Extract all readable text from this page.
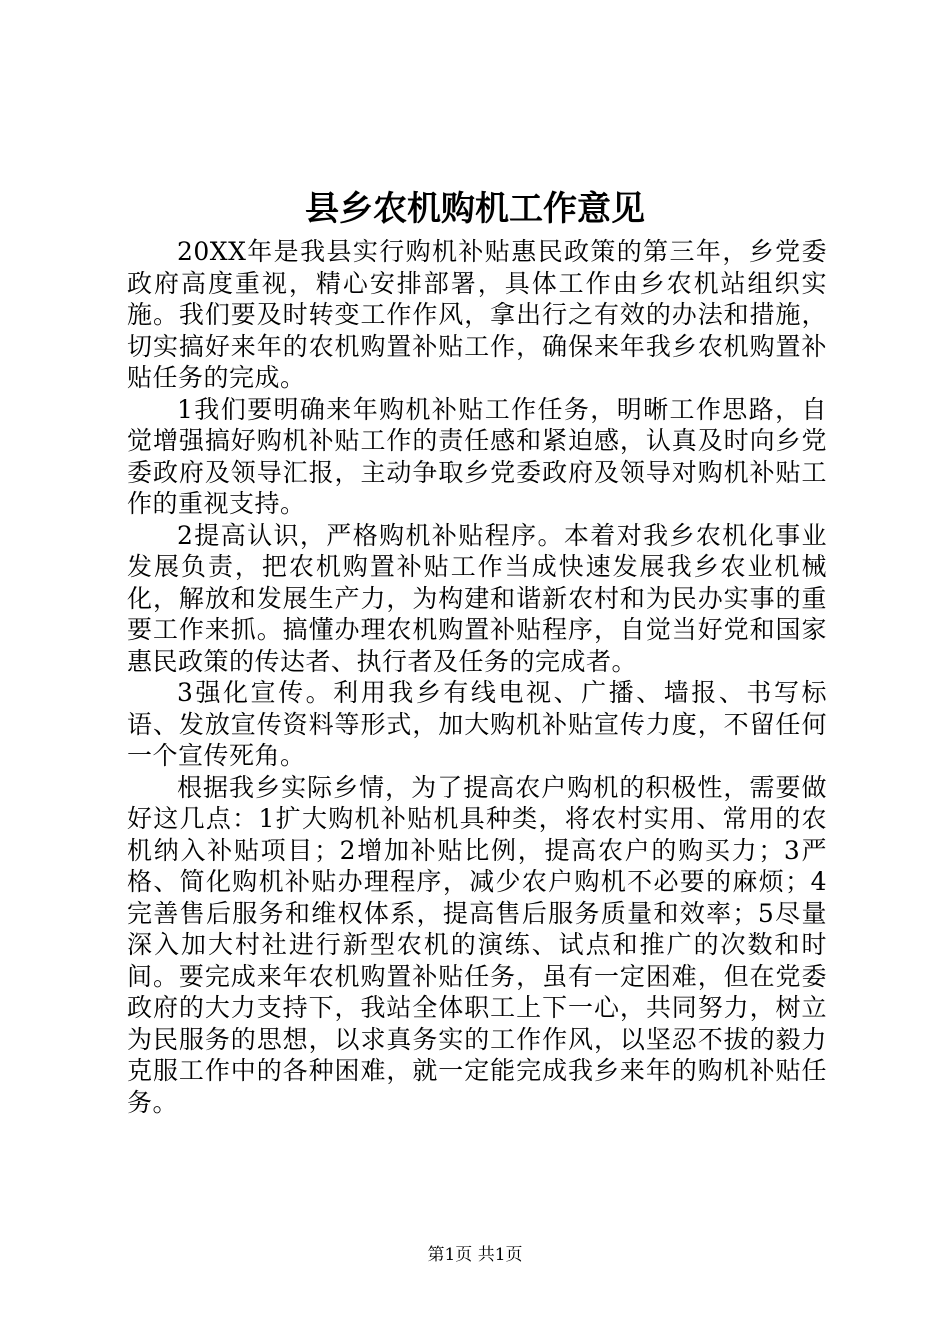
县乡农机购机工作意见

20XX年是我县实行购机补贴惠民政策的第三年，乡党委政府高度重视，精心安排部署，具体工作由乡农机站组织实施。我们要及时转变工作作风，拿出行之有效的办法和措施，切实搞好来年的农机购置补贴工作，确保来年我乡农机购置补贴任务的完成。

1我们要明确来年购机补贴工作任务，明晰工作思路，自觉增强搞好购机补贴工作的责任感和紧迫感，认真及时向乡党委政府及领导汇报，主动争取乡党委政府及领导对购机补贴工作的重视支持。

2提高认识，严格购机补贴程序。本着对我乡农机化事业发展负责，把农机购置补贴工作当成快速发展我乡农业机械化，解放和发展生产力，为构建和谐新农村和为民办实事的重要工作来抓。搞懂办理农机购置补贴程序，自觉当好党和国家惠民政策的传达者、执行者及任务的完成者。

3强化宣传。利用我乡有线电视、广播、墙报、书写标语、发放宣传资料等形式，加大购机补贴宣传力度，不留任何一个宣传死角。

根据我乡实际乡情，为了提高农户购机的积极性，需要做好这几点：1扩大购机补贴机具种类，将农村实用、常用的农机纳入补贴项目；2增加补贴比例，提高农户的购买力；3严格、简化购机补贴办理程序，减少农户购机不必要的麻烦；4完善售后服务和维权体系，提高售后服务质量和效率；5尽量深入加大村社进行新型农机的演练、试点和推广的次数和时间。要完成来年农机购置补贴任务，虽有一定困难，但在党委政府的大力支持下，我站全体职工上下一心，共同努力，树立为民服务的思想，以求真务实的工作作风，以坚忍不拔的毅力克服工作中的各种困难，就一定能完成我乡来年的购机补贴任务。

第1页 共1页
